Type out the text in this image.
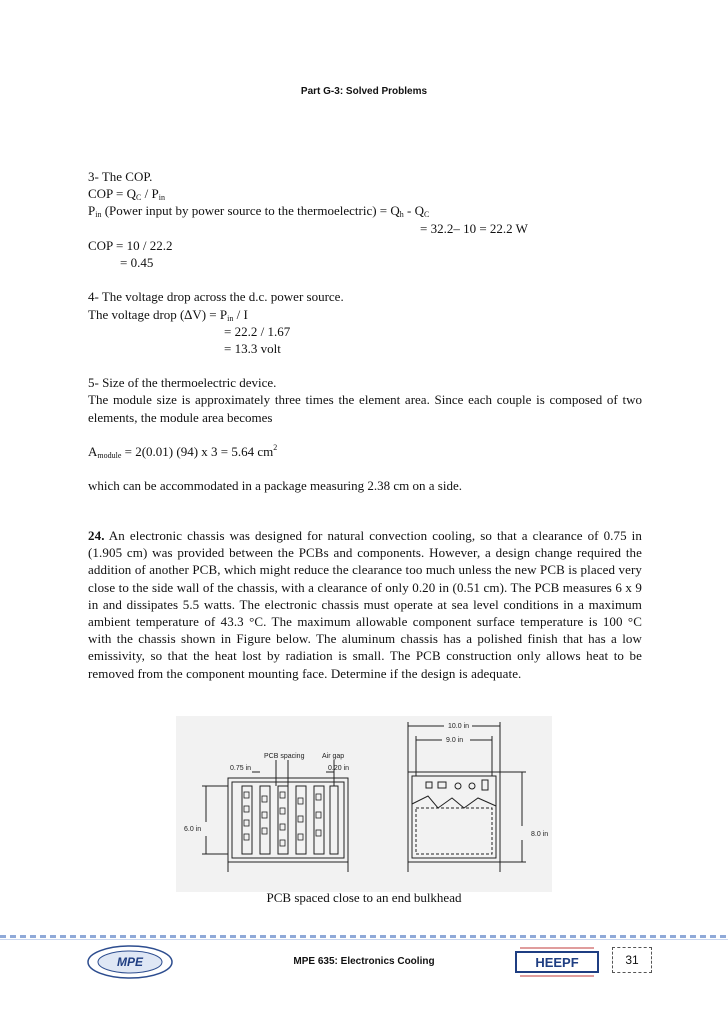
Part G-3: Solved Problems
3- The COP.
COP = $Q_C / P_{in}$
$P_{in}$ (Power input by power source to the thermoelectric) = $Q_h - Q_C$
= 32.2– 10 = 22.2 W
COP = 10 / 22.2
= 0.45
4- The voltage drop across the d.c. power source.
The voltage drop $(\Delta V) = P_{in} / I$
= 22.2 / 1.67
= 13.3 volt
5- Size of the thermoelectric device.
The module size is approximately three times the element area. Since each couple is composed of two elements, the module area becomes
$A_{module} = 2(0.01)$ (94) x 3 = 5.64 $cm^2$
which can be accommodated in a package measuring 2.38 cm on a side.
24. An electronic chassis was designed for natural convection cooling, so that a clearance of 0.75 in (1.905 cm) was provided between the PCBs and components. However, a design change required the addition of another PCB, which might reduce the clearance too much unless the new PCB is placed very close to the side wall of the chassis, with a clearance of only 0.20 in (0.51 cm). The PCB measures 6 x 9 in and dissipates 5.5 watts. The electronic chassis must operate at sea level conditions in a maximum ambient temperature of 43.3 °C. The maximum allowable component surface temperature is 100 °C with the chassis shown in Figure below. The aluminum chassis has a polished finish that has a low emissivity, so that the heat lost by radiation is small. The PCB construction only allows heat to be removed from the component mounting face. Determine if the design is adequate.
PCB spacing	Air gap
0.75 in	0.20 in
6.0 in
10.0 in
9.0 in
8.0 in
PCB spaced close to an end bulkhead
MPE	MPE 635: Electronics Cooling	HEEPF	31
